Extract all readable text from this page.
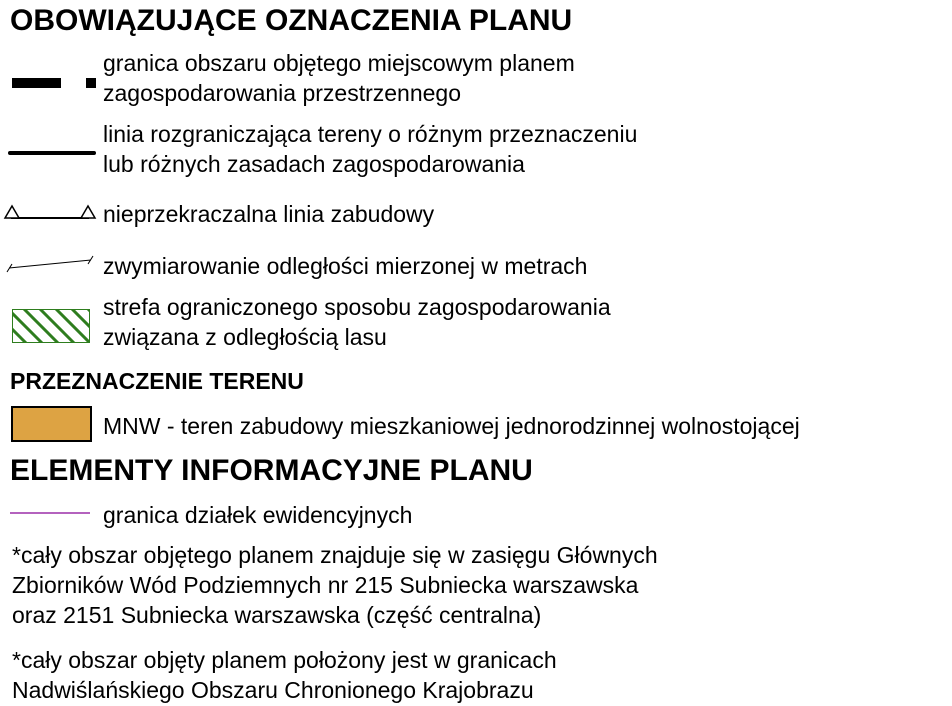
OBOWIĄZUJĄCE OZNACZENIA PLANU
granica obszaru objętego miejscowym planem
zagospodarowania przestrzennego
linia rozgraniczająca tereny o różnym przeznaczeniu
lub różnych zasadach zagospodarowania
nieprzekraczalna linia zabudowy
zwymiarowanie odległości mierzonej w metrach
strefa ograniczonego sposobu zagospodarowania
związana z odległością lasu
PRZEZNACZENIE TERENU
MNW - teren zabudowy mieszkaniowej jednorodzinnej wolnostojącej
ELEMENTY INFORMACYJNE PLANU
granica działek ewidencyjnych
*cały obszar objętego planem znajduje się w zasięgu Głównych
Zbiorników Wód Podziemnych nr 215 Subniecka warszawska
oraz 2151 Subniecka warszawska (część centralna)
*cały obszar objęty planem położony jest w granicach
Nadwiślańskiego Obszaru Chronionego Krajobrazu
